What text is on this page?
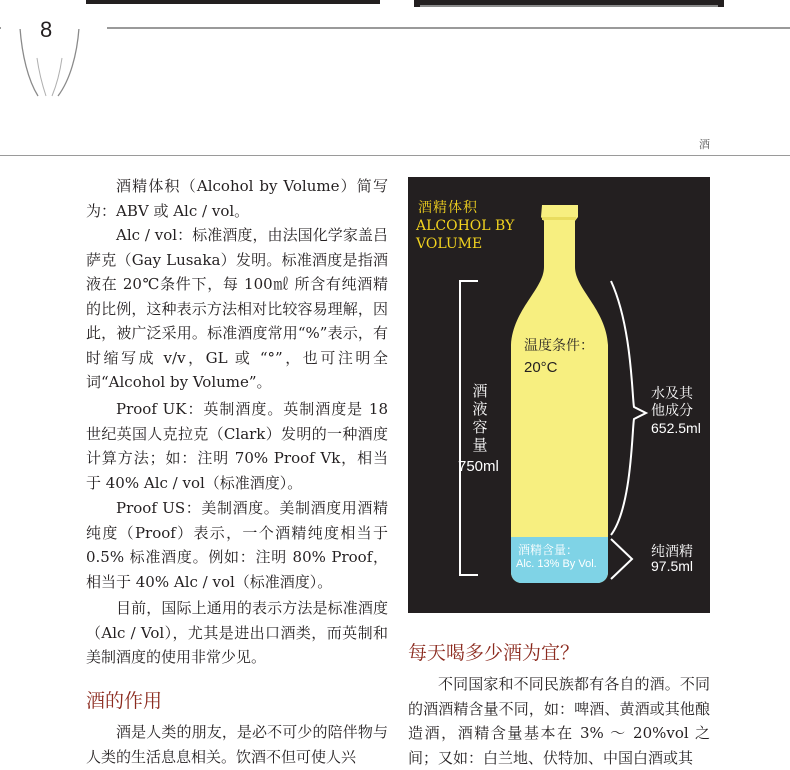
8
酒

酒精体积（Alcohol by Volume）简写为：ABV 或 Alc / vol。

Alc / vol：标准酒度，由法国化学家盖吕萨克（Gay Lusaka）发明。标准酒度是指酒液在 20℃条件下，每 100㎖ 所含有纯酒精的比例，这种表示方法相对比较容易理解，因此，被广泛采用。标准酒度常用“%”表示，有时缩写成 v/v，GL 或 “°”，也可注明全词“Alcohol by Volume”。

Proof UK：英制酒度。英制酒度是 18 世纪英国人克拉克（Clark）发明的一种酒度计算方法；如：注明 70% Proof Vk，相当于 40% Alc / vol（标准酒度）。

Proof US：美制酒度。美制酒度用酒精纯度（Proof）表示，一个酒精纯度相当于 0.5% 标准酒度。例如：注明 80% Proof，相当于 40% Alc / vol（标准酒度）。

目前，国际上通用的表示方法是标准酒度（Alc / Vol），尤其是进出口酒类，而英制和美制酒度的使用非常少见。

酒的作用

酒是人类的朋友，是必不可少的陪伴物与人类的生活息息相关。饮酒不但可使人兴

酒精体积
ALCOHOL BY VOLUME
酒液容量
750ml
温度条件：
20°C
水及其
他成分
652.5ml
酒精含量：
Alc. 13% By Vol.
纯酒精
97.5ml
每天喝多少酒为宜？

不同国家和不同民族都有各自的酒。不同的酒酒精含量不同，如：啤酒、黄酒或其他酿造酒，酒精含量基本在 3% ～ 20%vol 之间；又如：白兰地、伏特加、中国白酒或其
